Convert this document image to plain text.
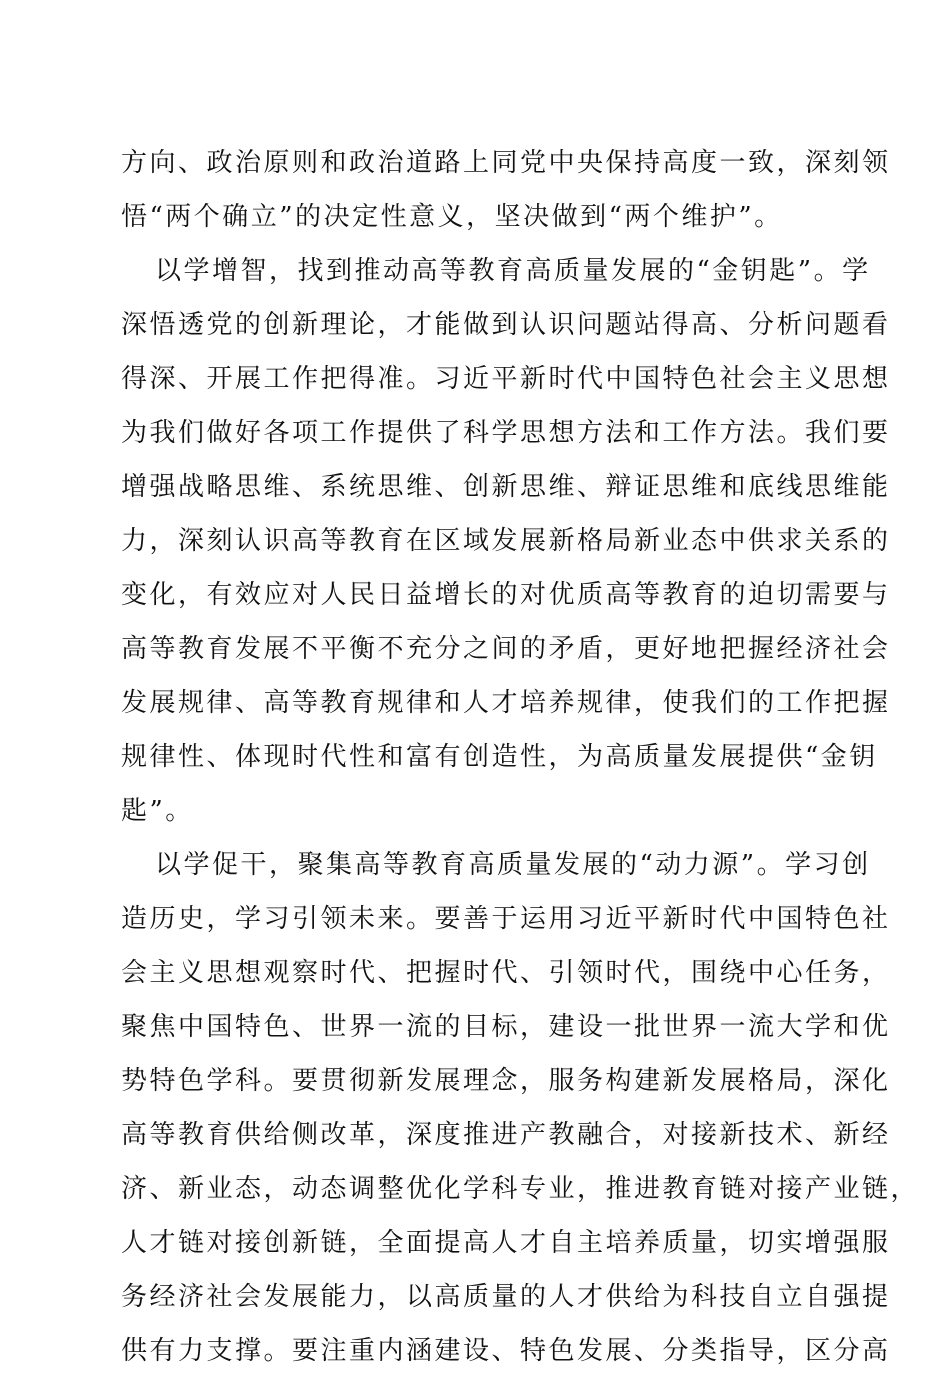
方向、政治原则和政治道路上同党中央保持高度一致，深刻领
悟“两个确立”的决定性意义，坚决做到“两个维护”。
以学增智，找到推动高等教育高质量发展的“金钥匙”。学
深悟透党的创新理论，才能做到认识问题站得高、分析问题看
得深、开展工作把得准。习近平新时代中国特色社会主义思想
为我们做好各项工作提供了科学思想方法和工作方法。我们要
增强战略思维、系统思维、创新思维、辩证思维和底线思维能
力，深刻认识高等教育在区域发展新格局新业态中供求关系的
变化，有效应对人民日益增长的对优质高等教育的迫切需要与
高等教育发展不平衡不充分之间的矛盾，更好地把握经济社会
发展规律、高等教育规律和人才培养规律，使我们的工作把握
规律性、体现时代性和富有创造性，为高质量发展提供“金钥
匙”。
以学促干，聚集高等教育高质量发展的“动力源”。学习创
造历史，学习引领未来。要善于运用习近平新时代中国特色社
会主义思想观察时代、把握时代、引领时代，围绕中心任务，
聚焦中国特色、世界一流的目标，建设一批世界一流大学和优
势特色学科。要贯彻新发展理念，服务构建新发展格局，深化
高等教育供给侧改革，深度推进产教融合，对接新技术、新经
济、新业态，动态调整优化学科专业，推进教育链对接产业链，
人才链对接创新链，全面提高人才自主培养质量，切实增强服
务经济社会发展能力，以高质量的人才供给为科技自立自强提
供有力支撑。要注重内涵建设、特色发展、分类指导，区分高
